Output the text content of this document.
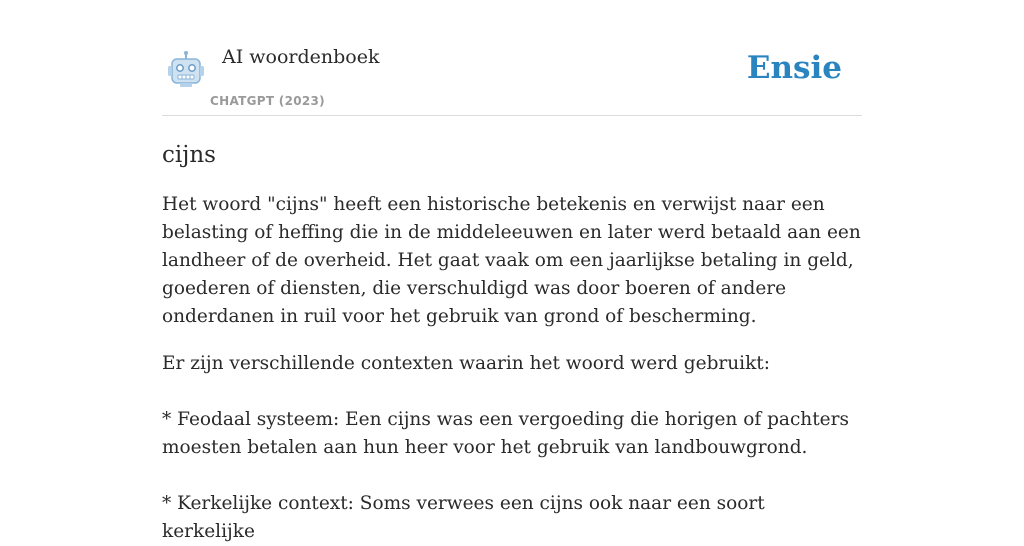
AI woordenboek
CHATGPT (2023)
Ensie
cijns

Het woord "cijns" heeft een historische betekenis en verwijst naar een belasting of heffing die in de middeleeuwen en later werd betaald aan een landheer of de overheid. Het gaat vaak om een jaarlijkse betaling in geld, goederen of diensten, die verschuldigd was door boeren of andere onderdanen in ruil voor het gebruik van grond of bescherming.

Er zijn verschillende contexten waarin het woord werd gebruikt:

* Feodaal systeem: Een cijns was een vergoeding die horigen of pachters moesten betalen aan hun heer voor het gebruik van landbouwgrond.

* Kerkelijke context: Soms verwees een cijns ook naar een soort kerkelijke
